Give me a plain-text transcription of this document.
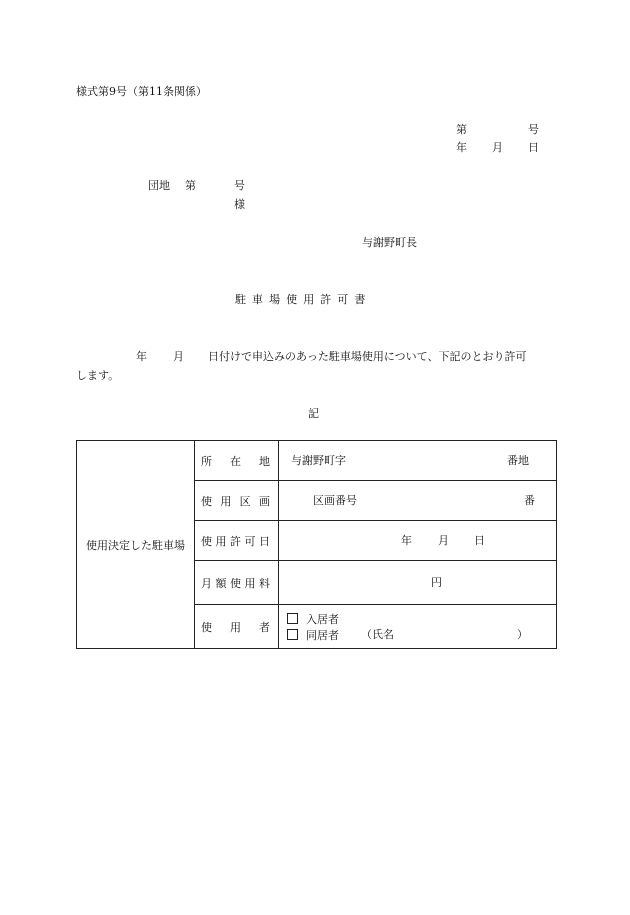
様式第9号（第11条関係）
第	号
年 月 日
団地 第	号
様
与謝野町長
駐車場使用許可書
年 月 日付けで申込みのあった駐車場使用について、下記のとおり許可
します。
記
使用決定した駐車場	所 在 地	与謝野町字 番地

	使 用 区 画	区画番号 番

	使 用 許 可 日	年 月 日

	月 額 使 用 料	円

	使 用 者	入居者
同居者 （氏名 ）
